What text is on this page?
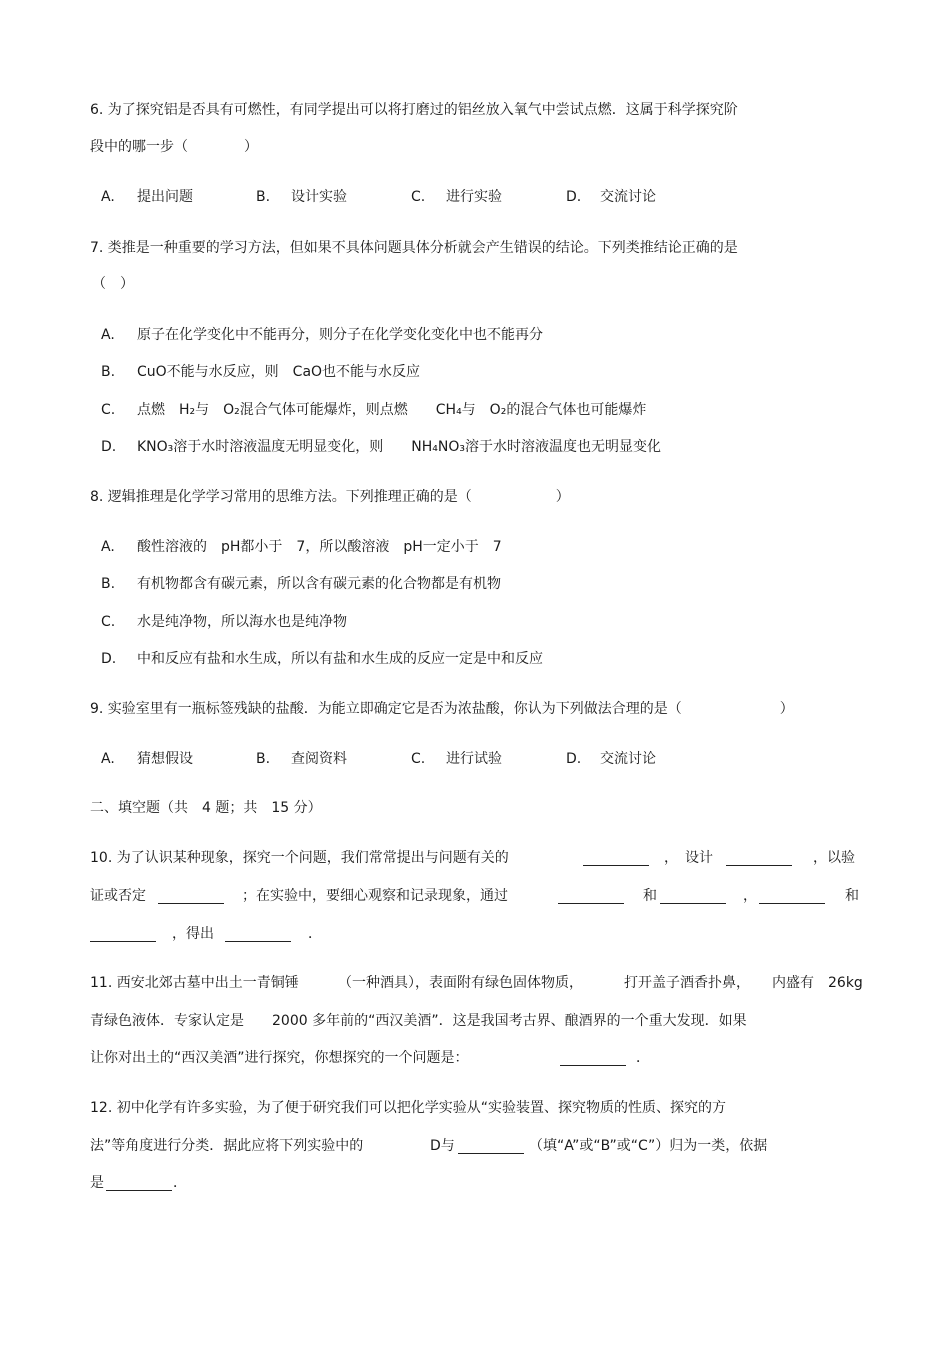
6. 为了探究铝是否具有可燃性，有同学提出可以将打磨过的铝丝放入氧气中尝试点燃．这属于科学探究阶
段中的哪一步（　　　　）
A. 提出问题	B. 设计实验	C. 进行实验	D. 交流讨论
7. 类推是一种重要的学习方法，但如果不具体问题具体分析就会产生错误的结论。下列类推结论正确的是
（　）
A. 原子在化学变化中不能再分，则分子在化学变化变化中也不能再分
B. CuO不能与水反应，则　CaO也不能与水反应
C. 点燃　H₂与　O₂混合气体可能爆炸，则点燃　　CH₄与　O₂的混合气体也可能爆炸
D. KNO₃溶于水时溶液温度无明显变化，则　　NH₄NO₃溶于水时溶液温度也无明显变化
8. 逻辑推理是化学学习常用的思维方法。下列推理正确的是（　　　　　　）
A. 酸性溶液的　pH都小于　7，所以酸溶液　pH一定小于　7
B. 有机物都含有碳元素，所以含有碳元素的化合物都是有机物
C. 水是纯净物，所以海水也是纯净物
D. 中和反应有盐和水生成，所以有盐和水生成的反应一定是中和反应
9. 实验室里有一瓶标签残缺的盐酸．为能立即确定它是否为浓盐酸，你认为下列做法合理的是（　　　　　　　）
A. 猜想假设	B. 查阅资料	C. 进行试验	D. 交流讨论
二、填空题（共　4 题；共　15 分）
10. 为了认识某种现象，探究一个问题，我们常常提出与问题有关的	，　设计	，以验
证或否定	；在实验中，要细心观察和记录现象，通过	和	，	和
，得出	．
11. 西安北郊古墓中出土一青铜锤	（一种酒具），表面附有绿色固体物质，	打开盖子酒香扑鼻， 内盛有　26kg
青绿色液体．专家认定是　　2000 多年前的“西汉美酒”．这是我国考古界、酿酒界的一个重大发现．如果
让你对出土的“西汉美酒”进行探究，你想探究的一个问题是：	．
12. 初中化学有许多实验，为了便于研究我们可以把化学实验从“实验装置、探究物质的性质、探究的方
法”等角度进行分类．据此应将下列实验中的	D与	（填“A”或“B”或“C”）归为一类，依据
是	．
